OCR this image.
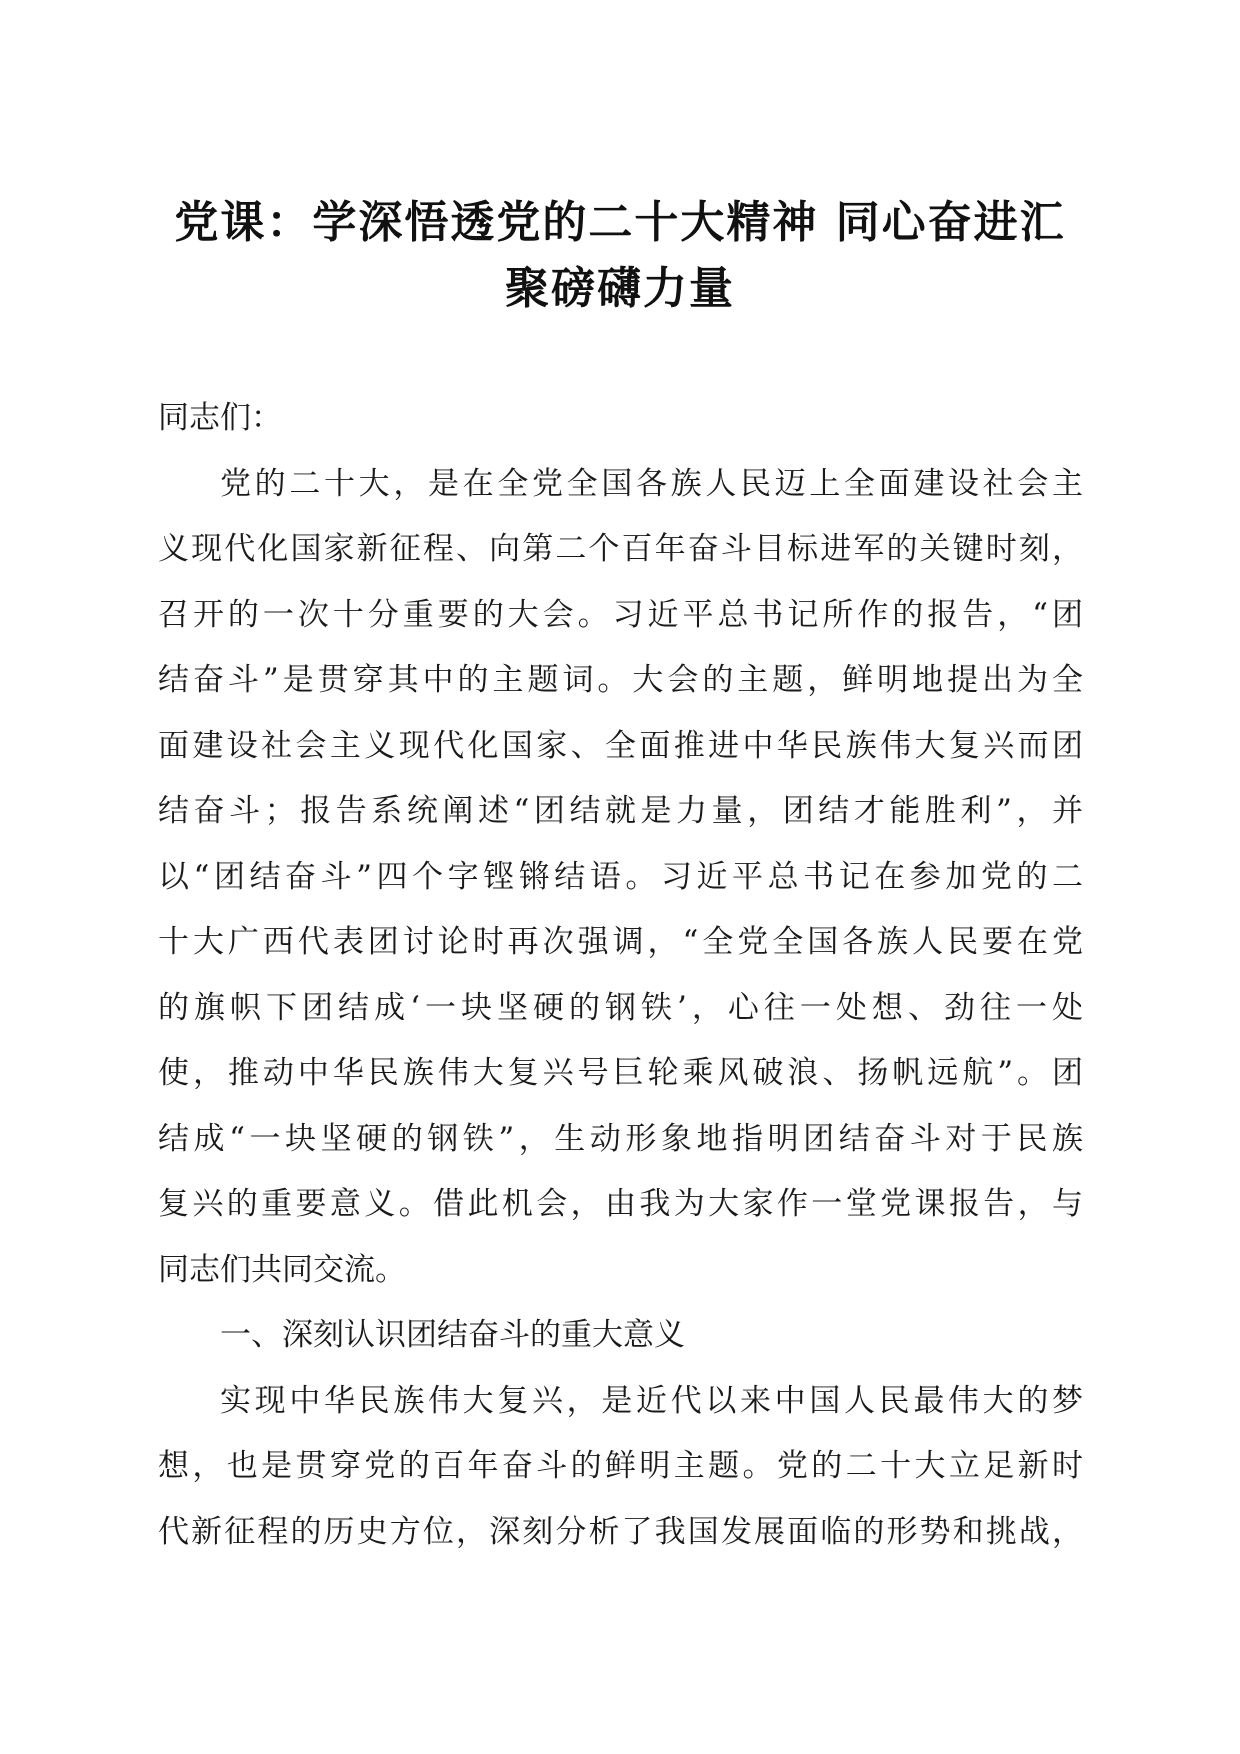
党课：学深悟透党的二十大精神 同心奋进汇
聚磅礴力量
同志们：
党的二十大，是在全党全国各族人民迈上全面建设社会主
义现代化国家新征程、向第二个百年奋斗目标进军的关键时刻，
召开的一次十分重要的大会。习近平总书记所作的报告，“团
结奋斗”是贯穿其中的主题词。大会的主题，鲜明地提出为全
面建设社会主义现代化国家、全面推进中华民族伟大复兴而团
结奋斗；报告系统阐述“团结就是力量，团结才能胜利”，并
以“团结奋斗”四个字铿锵结语。习近平总书记在参加党的二
十大广西代表团讨论时再次强调，“全党全国各族人民要在党
的旗帜下团结成‘一块坚硬的钢铁’，心往一处想、劲往一处
使，推动中华民族伟大复兴号巨轮乘风破浪、扬帆远航”。团
结成“一块坚硬的钢铁”，生动形象地指明团结奋斗对于民族
复兴的重要意义。借此机会，由我为大家作一堂党课报告，与
同志们共同交流。
一、深刻认识团结奋斗的重大意义
实现中华民族伟大复兴，是近代以来中国人民最伟大的梦
想，也是贯穿党的百年奋斗的鲜明主题。党的二十大立足新时
代新征程的历史方位，深刻分析了我国发展面临的形势和挑战，
